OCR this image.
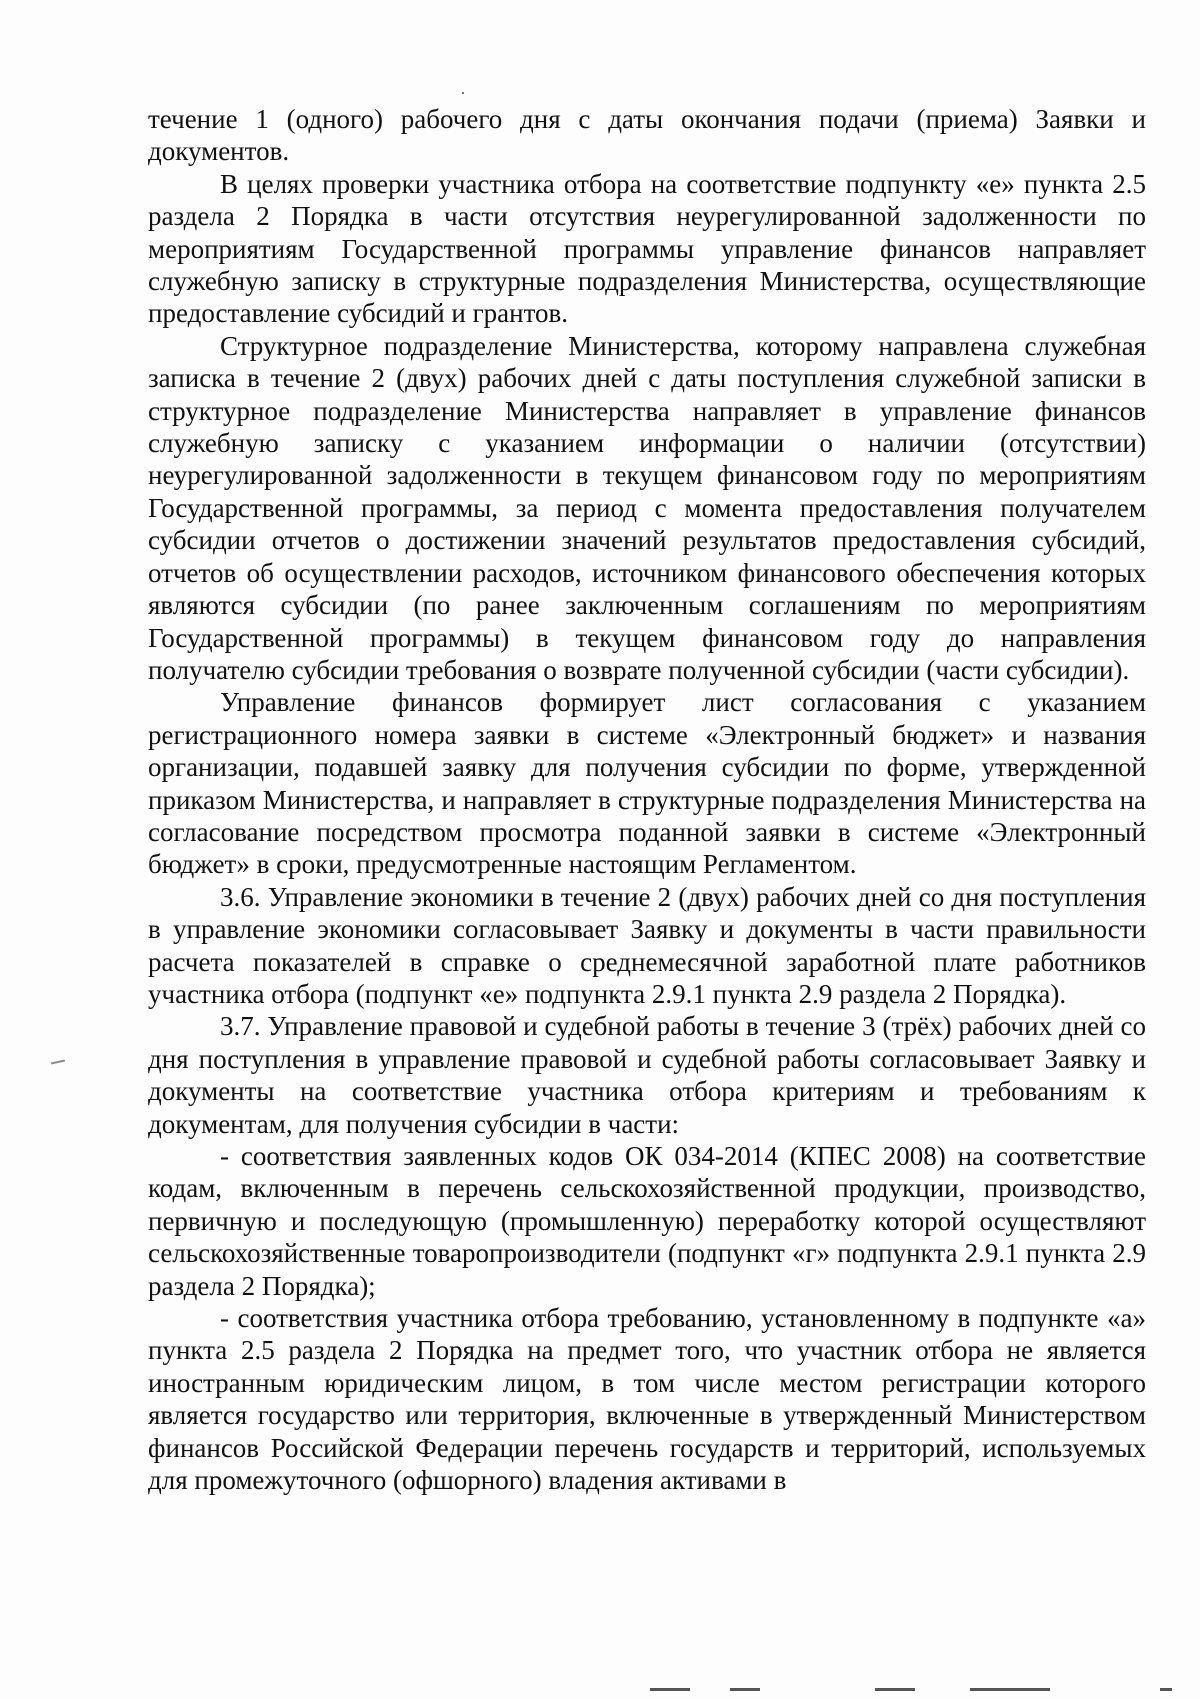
течение 1 (одного) рабочего дня с даты окончания подачи (приема) Заявки и документов.

В целях проверки участника отбора на соответствие подпункту «е» пункта 2.5 раздела 2 Порядка в части отсутствия неурегулированной задолженности по мероприятиям Государственной программы управление финансов направляет служебную записку в структурные подразделения Министерства, осуществляющие предоставление субсидий и грантов.

Структурное подразделение Министерства, которому направлена служебная записка в течение 2 (двух) рабочих дней с даты поступления служебной записки в структурное подразделение Министерства направляет в управление финансов служебную записку с указанием информации о наличии (отсутствии) неурегулированной задолженности в текущем финансовом году по мероприятиям Государственной программы, за период с момента предоставления получателем субсидии отчетов о достижении значений результатов предоставления субсидий, отчетов об осуществлении расходов, источником финансового обеспечения которых являются субсидии (по ранее заключенным соглашениям по мероприятиям Государственной программы) в текущем финансовом году до направления получателю субсидии требования о возврате полученной субсидии (части субсидии).

Управление финансов формирует лист согласования с указанием регистрационного номера заявки в системе «Электронный бюджет» и названия организации, подавшей заявку для получения субсидии по форме, утвержденной приказом Министерства, и направляет в структурные подразделения Министерства на согласование посредством просмотра поданной заявки в системе «Электронный бюджет» в сроки, предусмотренные настоящим Регламентом.

3.6. Управление экономики в течение 2 (двух) рабочих дней со дня поступления в управление экономики согласовывает Заявку и документы в части правильности расчета показателей в справке о среднемесячной заработной плате работников участника отбора (подпункт «е» подпункта 2.9.1 пункта 2.9 раздела 2 Порядка).

3.7. Управление правовой и судебной работы в течение 3 (трёх) рабочих дней со дня поступления в управление правовой и судебной работы согласовывает Заявку и документы на соответствие участника отбора критериям и требованиям к документам, для получения субсидии в части:

- соответствия заявленных кодов ОК 034-2014 (КПЕС 2008) на соответствие кодам, включенным в перечень сельскохозяйственной продукции, производство, первичную и последующую (промышленную) переработку которой осуществляют сельскохозяйственные товаропроизводители (подпункт «г» подпункта 2.9.1 пункта 2.9 раздела 2 Порядка);

- соответствия участника отбора требованию, установленному в подпункте «а» пункта 2.5 раздела 2 Порядка на предмет того, что участник отбора не является иностранным юридическим лицом, в том числе местом регистрации которого является государство или территория, включенные в утвержденный Министерством финансов Российской Федерации перечень государств и территорий, используемых для промежуточного (офшорного) владения активами в
